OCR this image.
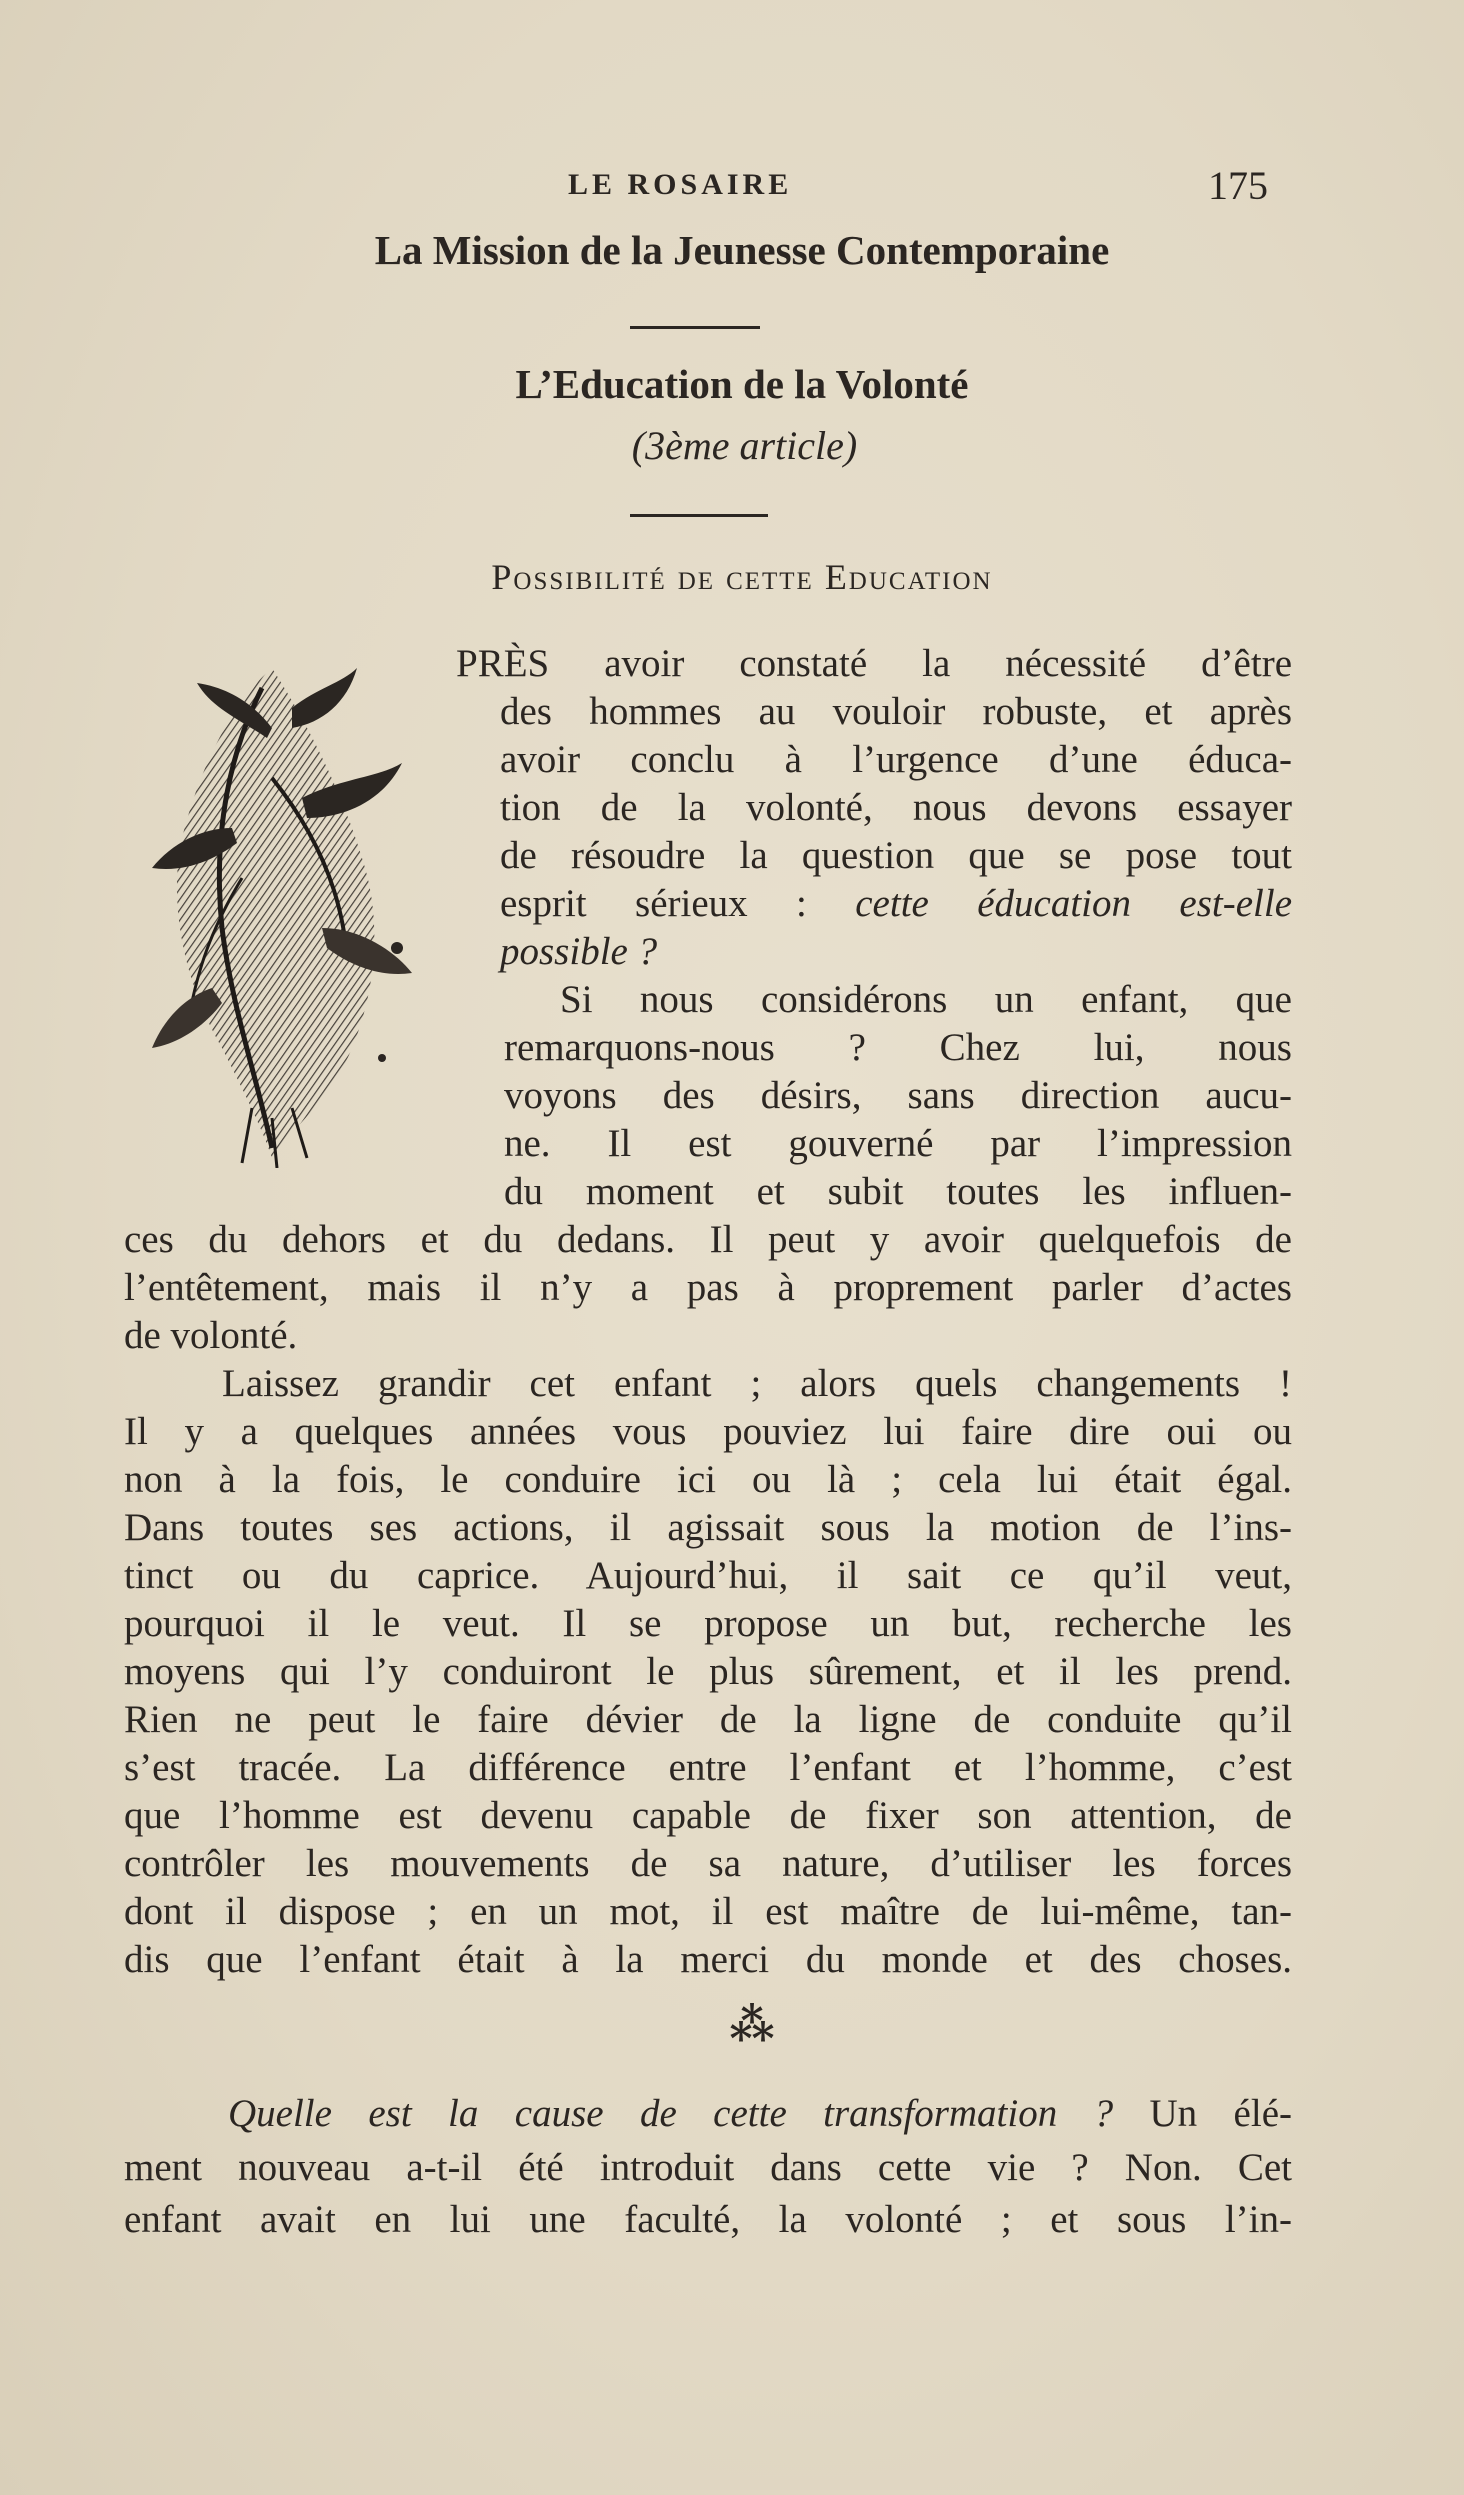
LE ROSAIRE	175
La Mission de la Jeunesse Contemporaine
L’Education de la Volonté
(3ème article)
Possibilité de cette Education
PRÈS avoir constaté la nécessité d’être
des hommes au vouloir robuste, et après
avoir conclu à l’urgence d’une éduca-
tion de la volonté, nous devons essayer
de résoudre la question que se pose tout
esprit sérieux : cette éducation est-elle
possible ?
Si nous considérons un enfant, que
remarquons-nous ? Chez lui, nous
voyons des désirs, sans direction aucu-
ne. Il est gouverné par l’impression
du moment et subit toutes les influen-
ces du dehors et du dedans. Il peut y avoir quelquefois de
l’entêtement, mais il n’y a pas à proprement parler d’actes
de volonté.
Laissez grandir cet enfant ; alors quels changements !
Il y a quelques années vous pouviez lui faire dire oui ou
non à la fois, le conduire ici ou là ; cela lui était égal.
Dans toutes ses actions, il agissait sous la motion de l’ins-
tinct ou du caprice. Aujourd’hui, il sait ce qu’il veut,
pourquoi il le veut. Il se propose un but, recherche les
moyens qui l’y conduiront le plus sûrement, et il les prend.
Rien ne peut le faire dévier de la ligne de conduite qu’il
s’est tracée. La différence entre l’enfant et l’homme, c’est
que l’homme est devenu capable de fixer son attention, de
contrôler les mouvements de sa nature, d’utiliser les forces
dont il dispose ; en un mot, il est maître de lui-même, tan-
dis que l’enfant était à la merci du monde et des choses.
⁂
Quelle est la cause de cette transformation ? Un élé-
ment nouveau a-t-il été introduit dans cette vie ? Non. Cet
enfant avait en lui une faculté, la volonté ; et sous l’in-
